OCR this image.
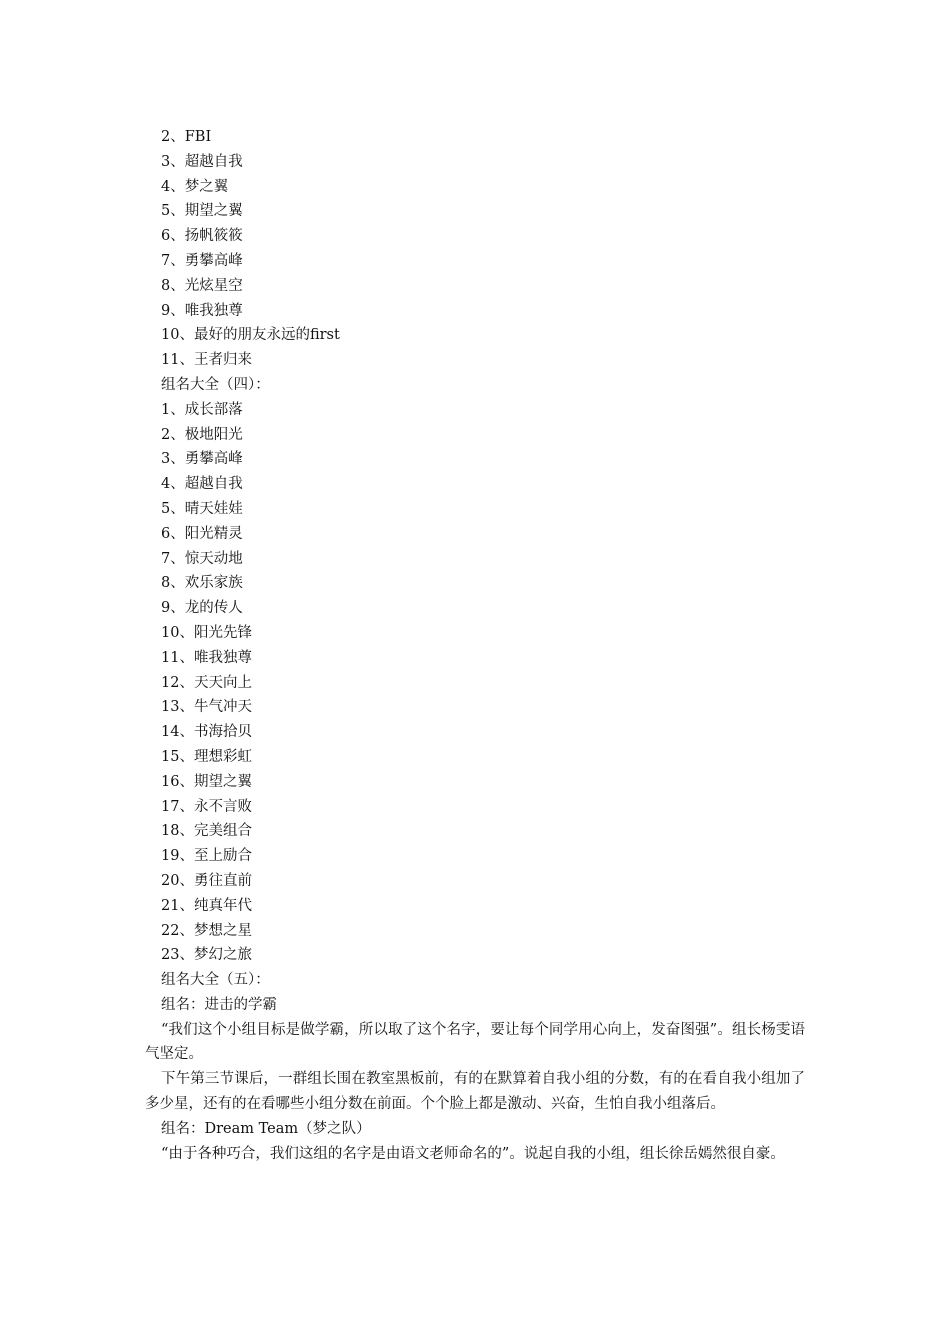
2、FBI
3、超越自我
4、梦之翼
5、期望之翼
6、扬帆筱筱
7、勇攀高峰
8、光炫星空
9、唯我独尊
10、最好的朋友永远的first
11、王者归来
组名大全（四）：
1、成长部落
2、极地阳光
3、勇攀高峰
4、超越自我
5、晴天娃娃
6、阳光精灵
7、惊天动地
8、欢乐家族
9、龙的传人
10、阳光先锋
11、唯我独尊
12、天天向上
13、牛气冲天
14、书海拾贝
15、理想彩虹
16、期望之翼
17、永不言败
18、完美组合
19、至上励合
20、勇往直前
21、纯真年代
22、梦想之星
23、梦幻之旅
组名大全（五）：
组名：进击的学霸

“我们这个小组目标是做学霸，所以取了这个名字，要让每个同学用心向上，发奋图强”。组长杨雯语气坚定。

下午第三节课后，一群组长围在教室黑板前，有的在默算着自我小组的分数，有的在看自我小组加了多少星，还有的在看哪些小组分数在前面。个个脸上都是激动、兴奋，生怕自我小组落后。

组名：Dream Team（梦之队）

“由于各种巧合，我们这组的名字是由语文老师命名的”。说起自我的小组，组长徐岳嫣然很自豪。
